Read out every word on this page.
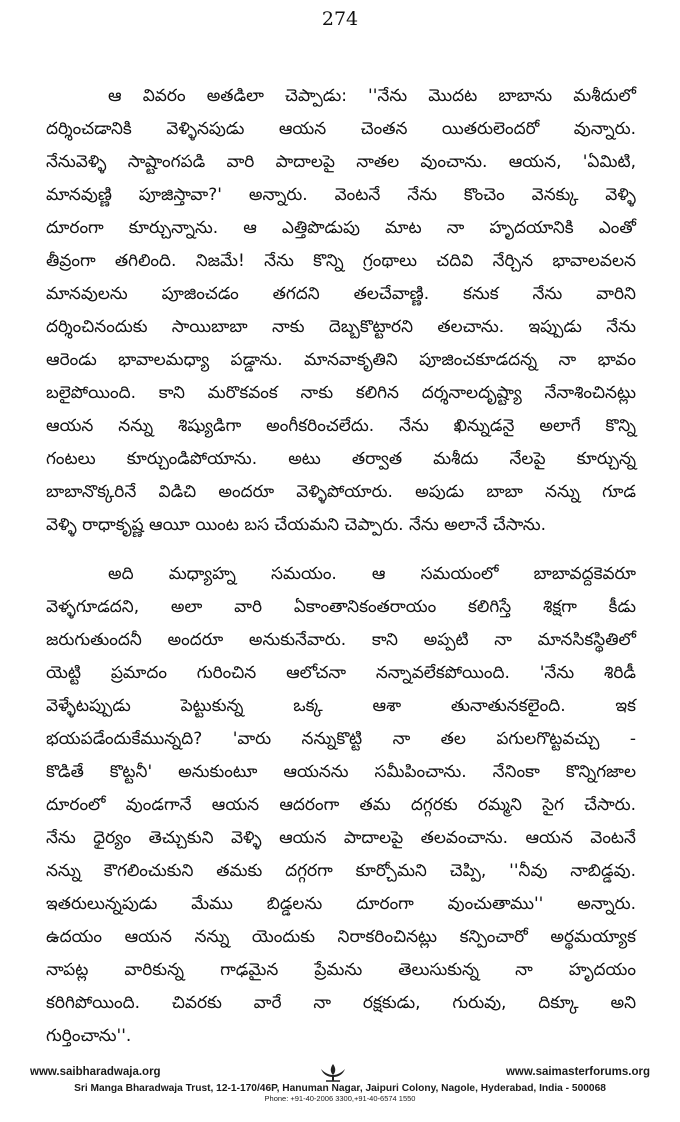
274

ఆ వివరం అతడిలా చెప్పాడు: ''నేను మొదట బాబాను మశీదులో

దర్శించడానికి వెళ్ళినపుడు ఆయన చెంతన యితరులెందరో వున్నారు.

నేనువెళ్ళి సాష్టాంగపడి వారి పాదాలపై నాతల వుంచాను. ఆయన, 'ఏమిటి,

మానవుణ్ణి పూజిస్తావా?' అన్నారు. వెంటనే నేను కొంచెం వెనక్కు వెళ్ళి

దూరంగా కూర్చున్నాను. ఆ ఎత్తిపొడుపు మాట నా హృదయానికి ఎంతో

తీవ్రంగా తగిలింది. నిజమే! నేను కొన్ని గ్రంథాలు చదివి నేర్చిన భావాలవలన

మానవులను పూజించడం తగదని తలచేవాణ్ణి. కనుక నేను వారిని

దర్శించినందుకు సాయిబాబా నాకు దెబ్బకొట్టారని తలచాను. ఇప్పుడు నేను

ఆరెండు భావాలమధ్యా పడ్డాను. మానవాకృతిని పూజించకూడదన్న నా భావం

బలైపోయింది. కాని మరొకవంక నాకు కలిగిన దర్శనాలదృష్ట్యా నేనాశించినట్లు

ఆయన నన్ను శిష్యుడిగా అంగీకరించలేదు. నేను ఖిన్నుడనై అలాగే కొన్ని

గంటలు కూర్చుండిపోయాను. అటు తర్వాత మశీదు నేలపై కూర్చున్న

బాబానొక్కరినే విడిచి అందరూ వెళ్ళిపోయారు. అపుడు బాబా నన్ను గూడ

వెళ్ళి రాధాకృష్ణ ఆయీ యింట బస చేయమని చెప్పారు. నేను అలానే చేసాను.

అది మధ్యాహ్న సమయం. ఆ సమయంలో బాబావద్దకెవరూ

వెళ్ళగూడదని, అలా వారి ఏకాంతానికంతరాయం కలిగిస్తే శిక్షగా కీడు

జరుగుతుందనీ అందరూ అనుకునేవారు. కాని అప్పటి నా మానసికస్థితిలో

యెట్టి ప్రమాదం గురించిన ఆలోచనా నన్నావలేకపోయింది. 'నేను శిరిడీ

వెళ్ళేటప్పుడు పెట్టుకున్న ఒక్క ఆశా తునాతునకలైంది. ఇక

భయపడేందుకేమున్నది? 'వారు నన్నుకొట్టి నా తల పగులగొట్టవచ్చు -

కొడితే కొట్టనీ' అనుకుంటూ ఆయనను సమీపించాను. నేనింకా కొన్నిగజాల

దూరంలో వుండగానే ఆయన ఆదరంగా తమ దగ్గరకు రమ్మని సైగ చేసారు.

నేను ధైర్యం తెచ్చుకుని వెళ్ళి ఆయన పాదాలపై తలవంచాను. ఆయన వెంటనే

నన్ను కౌగలించుకుని తమకు దగ్గరగా కూర్చోమని చెప్పి, ''నీవు నాబిడ్డవు.

ఇతరులున్నపుడు మేము బిడ్డలను దూరంగా వుంచుతాము'' అన్నారు.

ఉదయం ఆయన నన్ను యెందుకు నిరాకరించినట్లు కన్పించారో అర్థమయ్యాక

నాపట్ల వారికున్న గాఢమైన ప్రేమను తెలుసుకున్న నా హృదయం

కరిగిపోయింది. చివరకు వారే నా రక్షకుడు, గురువు, దిక్కూ అని

గుర్తించాను''.

www.saibharadwaja.org	www.saimasterforums.org
Sri Manga Bharadwaja Trust, 12-1-170/46P, Hanuman Nagar, Jaipuri Colony, Nagole, Hyderabad, India - 500068
Phone: +91-40-2006 3300,+91-40-6574 1550
